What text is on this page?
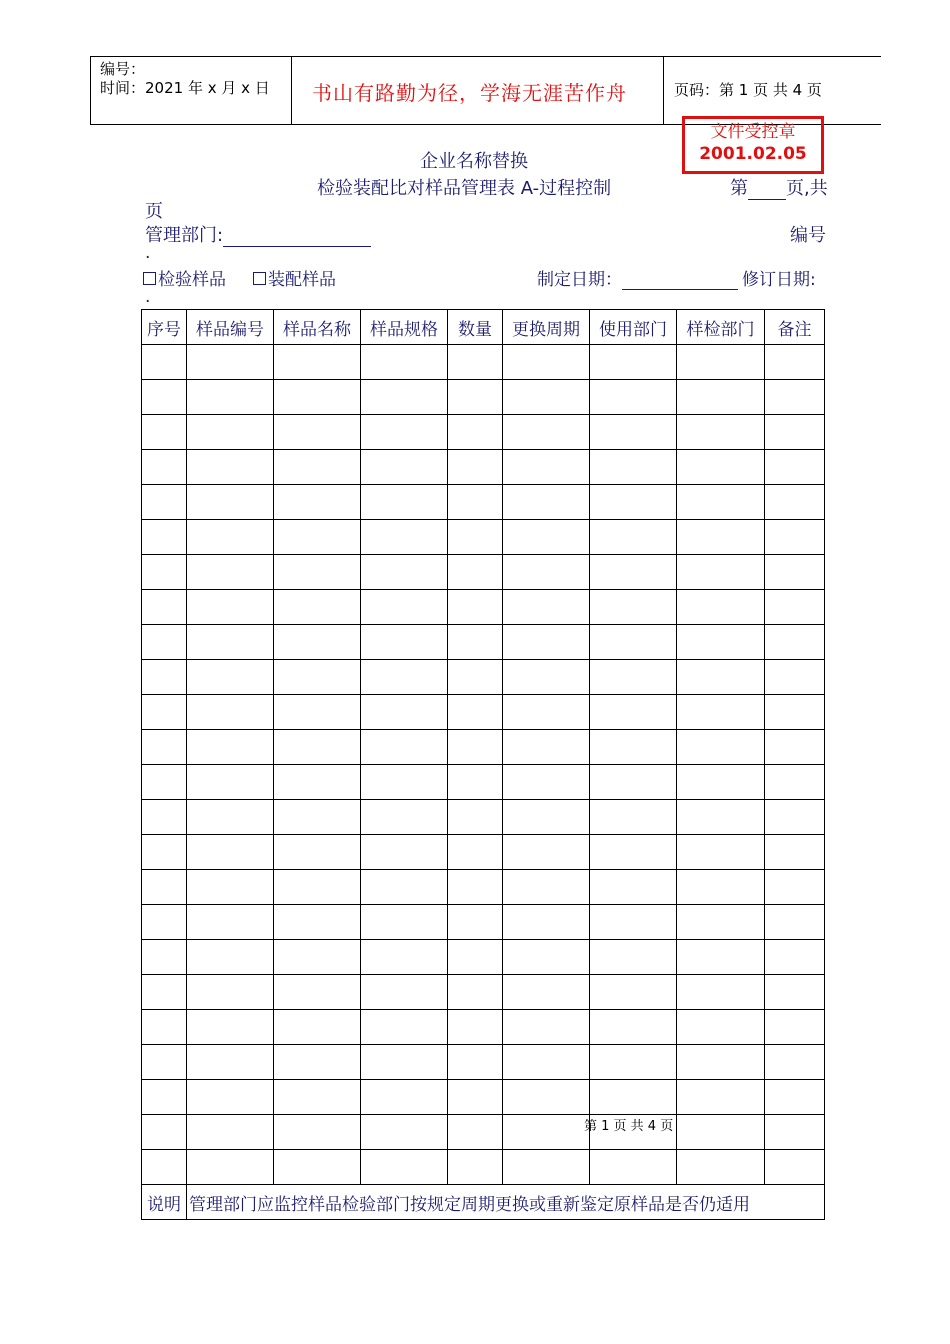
编号：
时间：2021 年 x 月 x 日 书山有路勤为径，学海无涯苦作舟	页码：第 1 页 共 4 页
文件受控章
2001.02.05
企业名称替换
检验装配比对样品管理表 A-过程控制	第 页,共
页
管理部门:	编号
.
检验样品	装配样品	制定日期：	修订日期:
.
序号	样品编号	样品名称	样品规格	数量	更换周期	使用部门	样检部门	备注

说明	管理部门应监控样品检验部门按规定周期更换或重新鉴定原样品是否仍适用							
第 1 页 共 4 页
